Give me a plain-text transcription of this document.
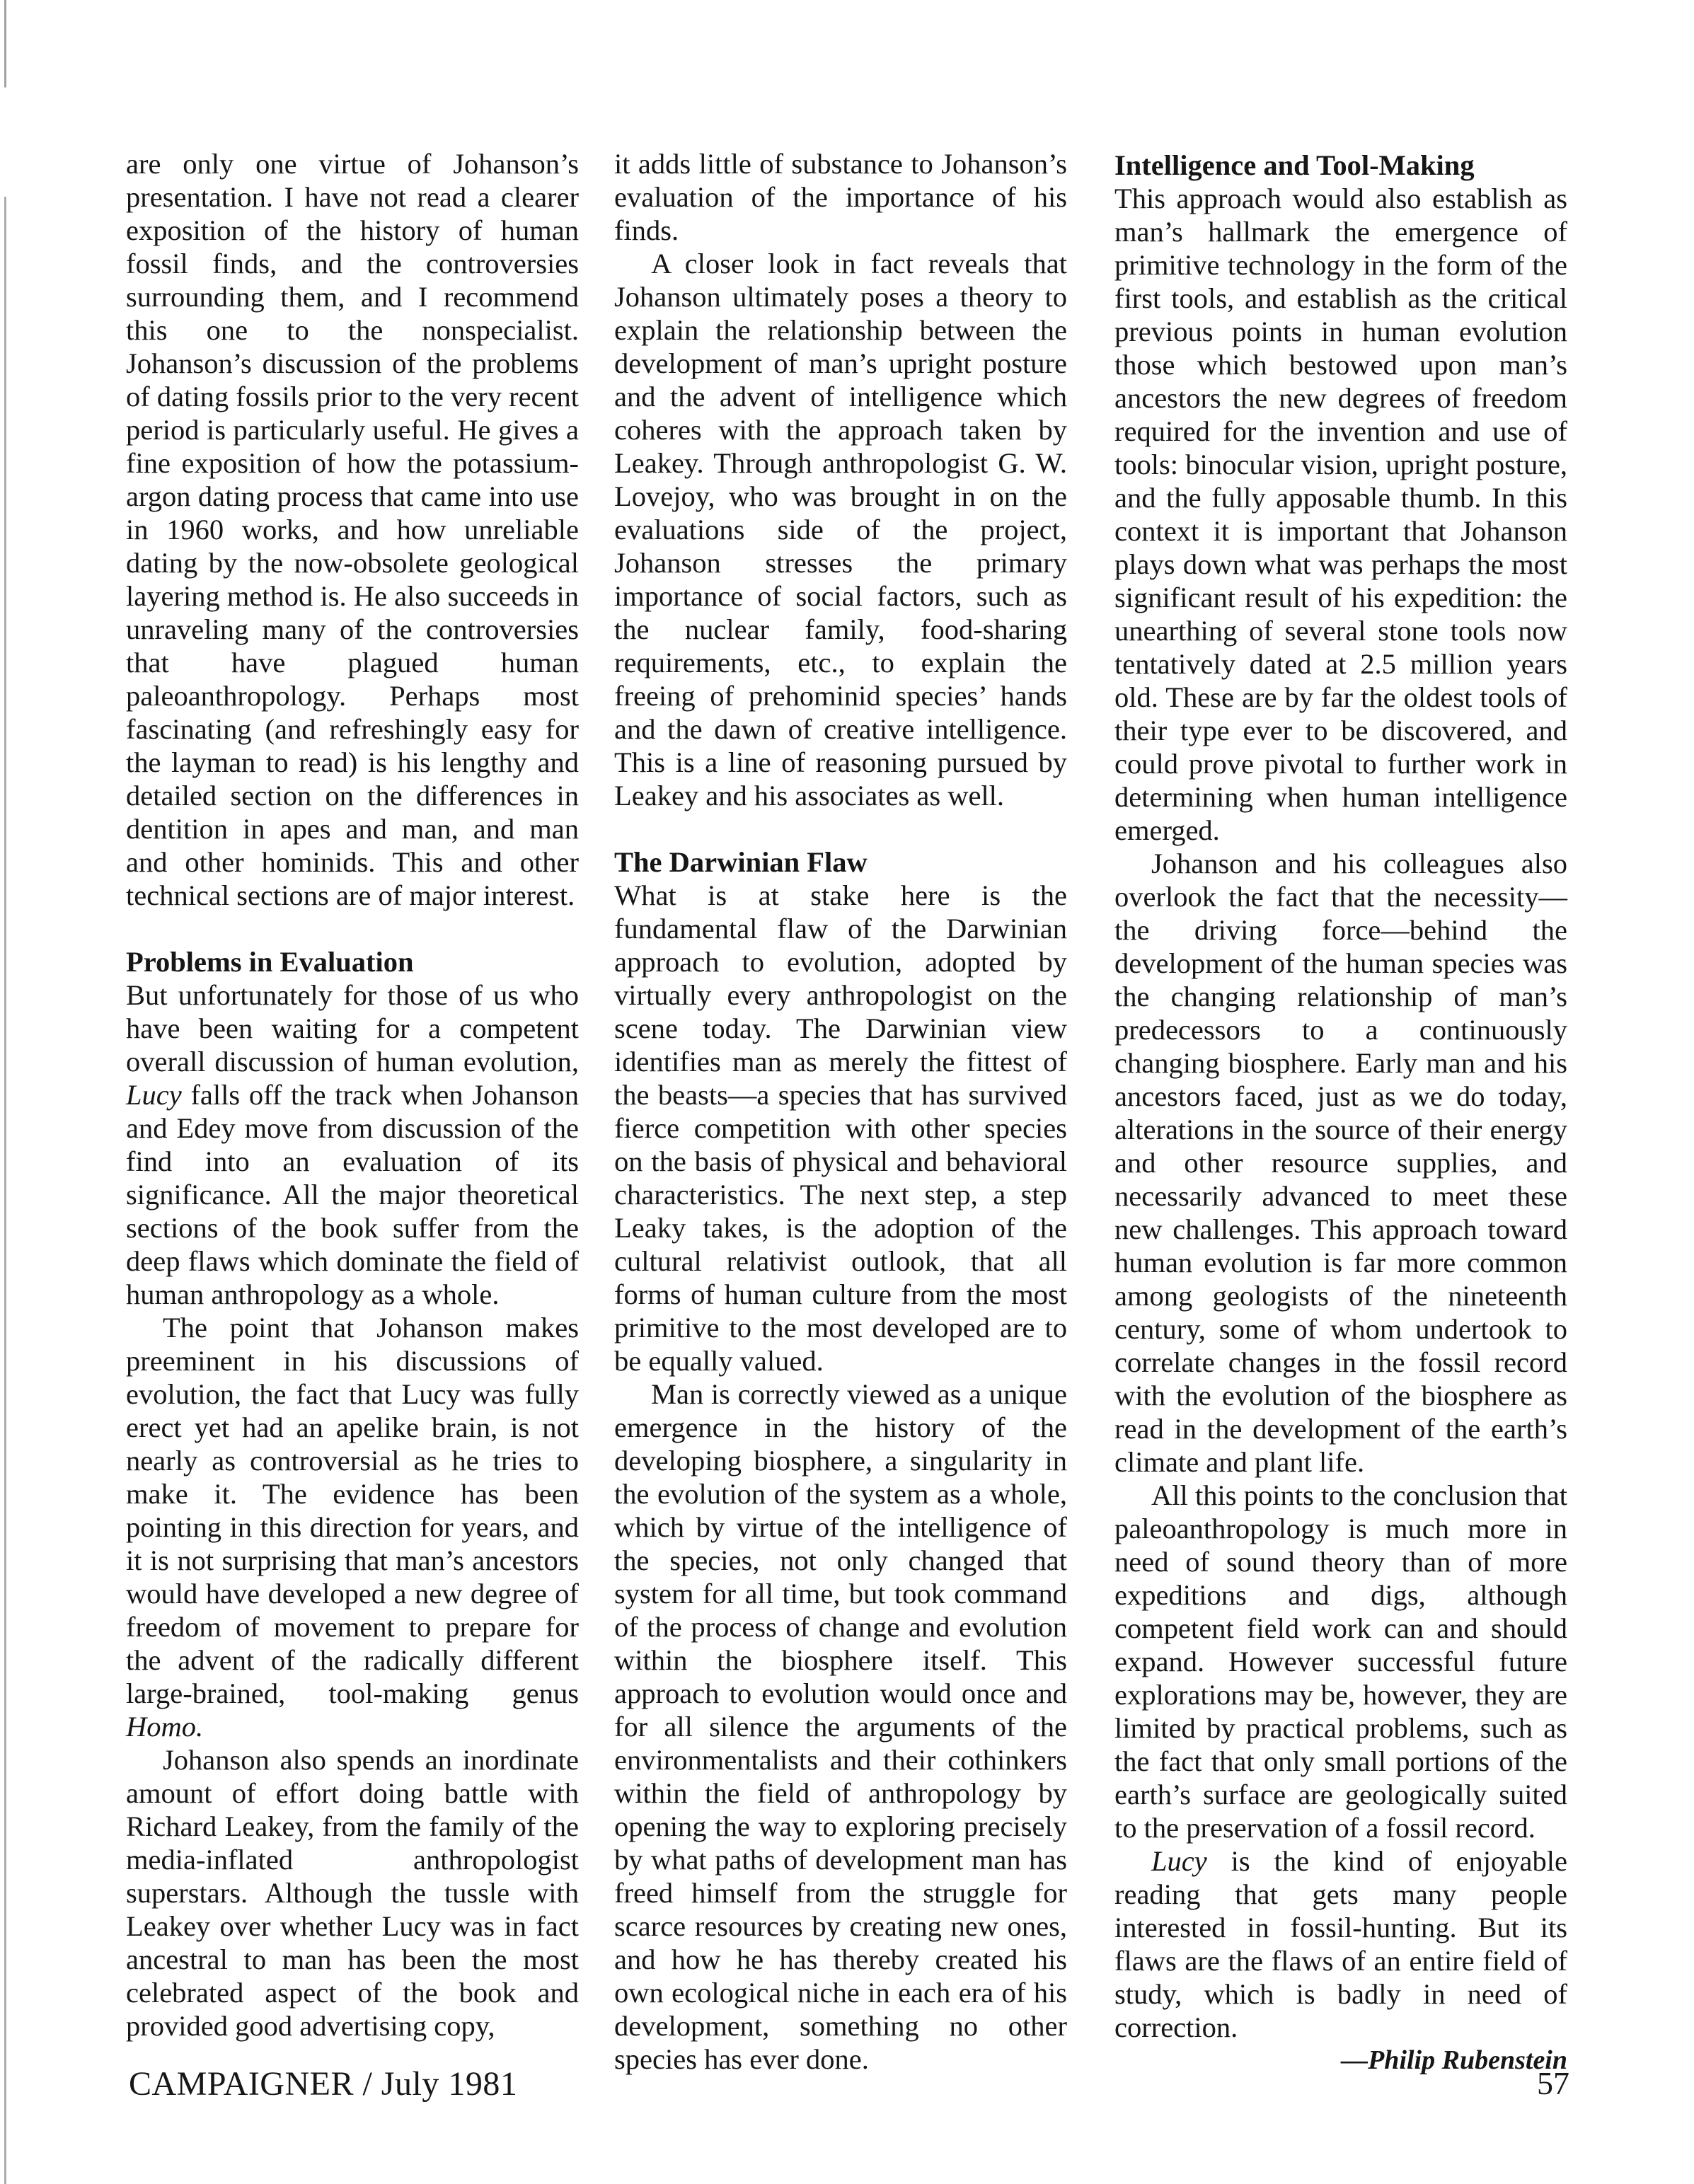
are only one virtue of Johanson’s presentation. I have not read a clearer exposition of the history of human fossil finds, and the controversies surrounding them, and I recommend this one to the nonspecialist. Johanson’s discussion of the problems of dating fossils prior to the very recent period is particularly useful. He gives a fine exposition of how the potassium-argon dating process that came into use in 1960 works, and how unreliable dating by the now-obsolete geological layering method is. He also succeeds in unraveling many of the controversies that have plagued human paleoanthropology. Perhaps most fascinating (and refreshingly easy for the layman to read) is his lengthy and detailed section on the differences in dentition in apes and man, and man and other hominids. This and other technical sections are of major interest.

Problems in Evaluation

But unfortunately for those of us who have been waiting for a competent overall discussion of human evolution, Lucy falls off the track when Johanson and Edey move from discussion of the find into an evaluation of its significance. All the major theoretical sections of the book suffer from the deep flaws which dominate the field of human anthropology as a whole.

The point that Johanson makes preeminent in his discussions of evolution, the fact that Lucy was fully erect yet had an apelike brain, is not nearly as controversial as he tries to make it. The evidence has been pointing in this direction for years, and it is not surprising that man’s ancestors would have developed a new degree of freedom of movement to prepare for the advent of the radically different large-brained, tool-making genus Homo.

Johanson also spends an inordinate amount of effort doing battle with Richard Leakey, from the family of the media-inflated anthropologist superstars. Although the tussle with Leakey over whether Lucy was in fact ancestral to man has been the most celebrated aspect of the book and provided good advertising copy,

it adds little of substance to Johanson’s evaluation of the importance of his finds.

A closer look in fact reveals that Johanson ultimately poses a theory to explain the relationship between the development of man’s upright posture and the advent of intelligence which coheres with the approach taken by Leakey. Through anthropologist G. W. Lovejoy, who was brought in on the evaluations side of the project, Johanson stresses the primary importance of social factors, such as the nuclear family, food-sharing requirements, etc., to explain the freeing of prehominid species’ hands and the dawn of creative intelligence. This is a line of reasoning pursued by Leakey and his associates as well.

The Darwinian Flaw

What is at stake here is the fundamental flaw of the Darwinian approach to evolution, adopted by virtually every anthropologist on the scene today. The Darwinian view identifies man as merely the fittest of the beasts—a species that has survived fierce competition with other species on the basis of physical and behavioral characteristics. The next step, a step Leaky takes, is the adoption of the cultural relativist outlook, that all forms of human culture from the most primitive to the most developed are to be equally valued.

Man is correctly viewed as a unique emergence in the history of the developing biosphere, a singularity in the evolution of the system as a whole, which by virtue of the intelligence of the species, not only changed that system for all time, but took command of the process of change and evolution within the biosphere itself. This approach to evolution would once and for all silence the arguments of the environmentalists and their cothinkers within the field of anthropology by opening the way to exploring precisely by what paths of development man has freed himself from the struggle for scarce resources by creating new ones, and how he has thereby created his own ecological niche in each era of his development, something no other species has ever done.

Intelligence and Tool-Making

This approach would also establish as man’s hallmark the emergence of primitive technology in the form of the first tools, and establish as the critical previous points in human evolution those which bestowed upon man’s ancestors the new degrees of freedom required for the invention and use of tools: binocular vision, upright posture, and the fully apposable thumb. In this context it is important that Johanson plays down what was perhaps the most significant result of his expedition: the unearthing of several stone tools now tentatively dated at 2.5 million years old. These are by far the oldest tools of their type ever to be discovered, and could prove pivotal to further work in determining when human intelligence emerged.

Johanson and his colleagues also overlook the fact that the necessity—the driving force—behind the development of the human species was the changing relationship of man’s predecessors to a continuously changing biosphere. Early man and his ancestors faced, just as we do today, alterations in the source of their energy and other resource supplies, and necessarily advanced to meet these new challenges. This approach toward human evolution is far more common among geologists of the nineteenth century, some of whom undertook to correlate changes in the fossil record with the evolution of the biosphere as read in the development of the earth’s climate and plant life.

All this points to the conclusion that paleoanthropology is much more in need of sound theory than of more expeditions and digs, although competent field work can and should expand. However successful future explorations may be, however, they are limited by practical problems, such as the fact that only small portions of the earth’s surface are geologically suited to the preservation of a fossil record.

Lucy is the kind of enjoyable reading that gets many people interested in fossil-hunting. But its flaws are the flaws of an entire field of study, which is badly in need of correction.

—Philip Rubenstein

CAMPAIGNER / July 1981	57
